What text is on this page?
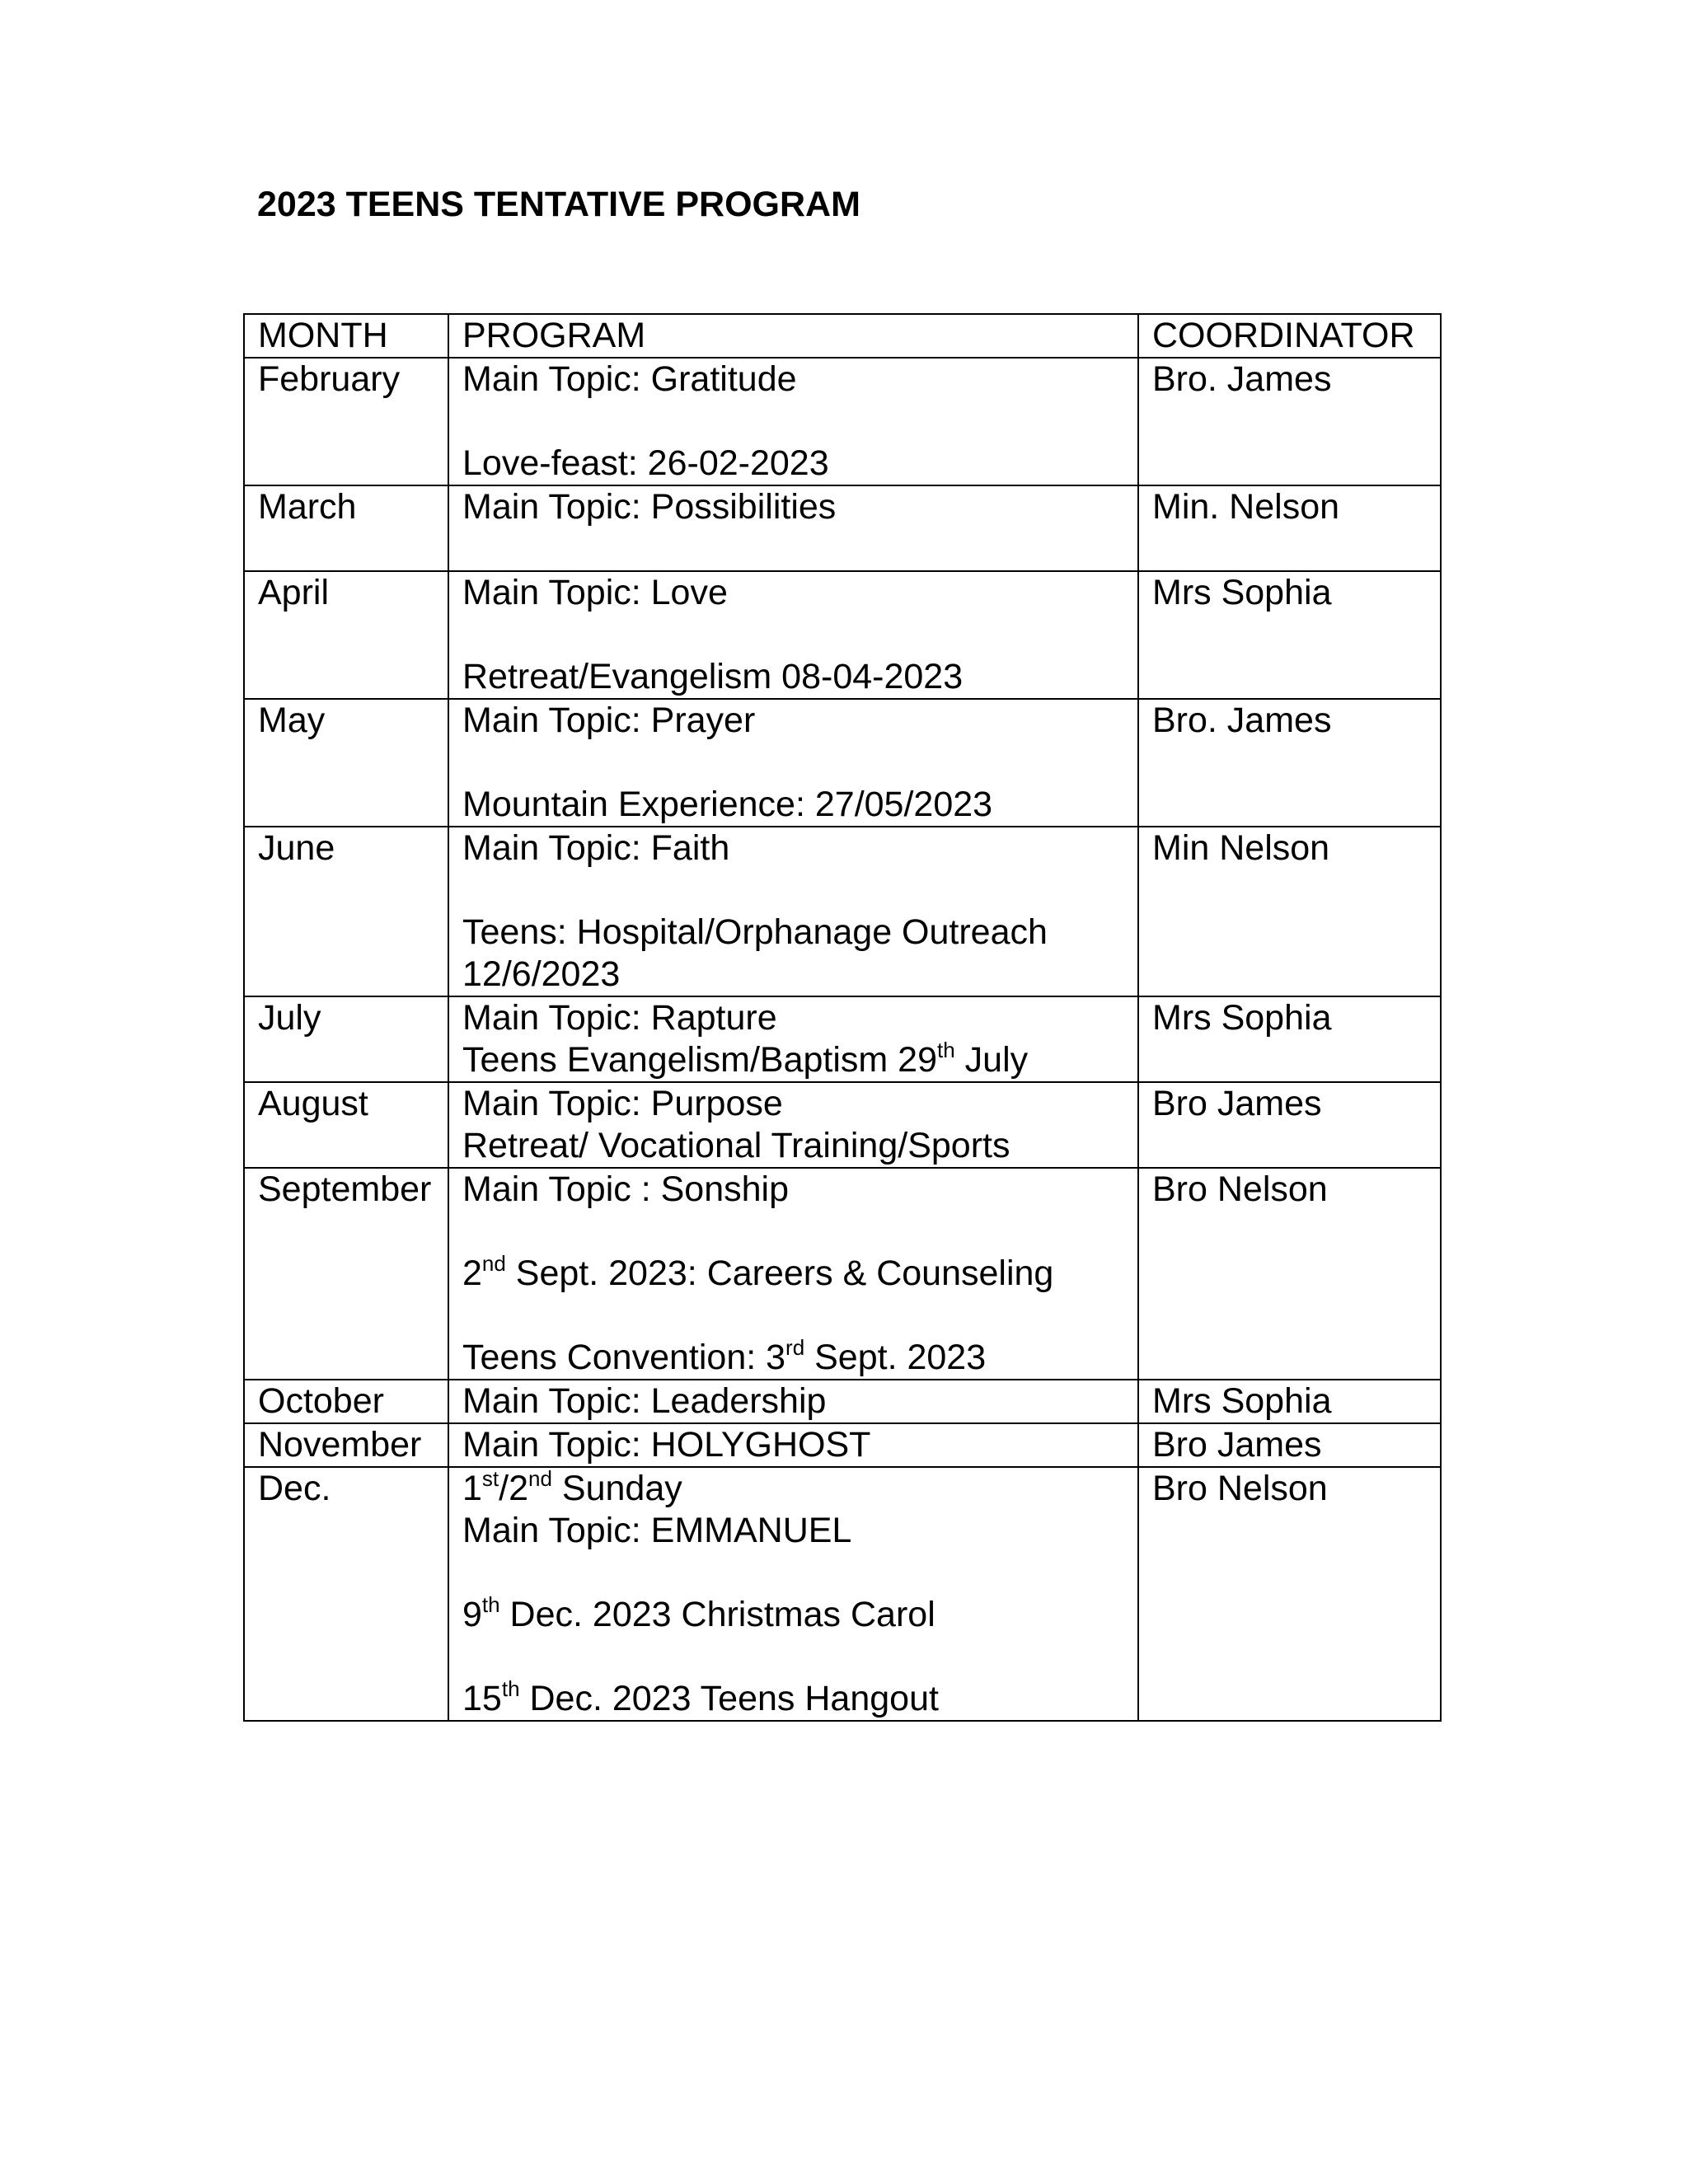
2023 TEENS TENTATIVE PROGRAM
MONTH	PROGRAM	COORDINATOR

February	Main Topic: Gratitude
Love-feast: 26-02-2023	Bro. James

March	Main Topic: Possibilities	Min. Nelson

April	Main Topic: Love
Retreat/Evangelism 08-04-2023	Mrs Sophia

May	Main Topic: Prayer
Mountain Experience: 27/05/2023	Bro. James

June	Main Topic: Faith
Teens: Hospital/Orphanage Outreach
12/6/2023	Min Nelson

July	Main Topic: Rapture
Teens Evangelism/Baptism 29th July	Mrs Sophia

August	Main Topic: Purpose
Retreat/ Vocational Training/Sports	Bro James

September	Main Topic : Sonship
2nd Sept. 2023: Careers & Counseling
Teens Convention: 3rd Sept. 2023	Bro Nelson

October	Main Topic: Leadership	Mrs Sophia

November	Main Topic: HOLYGHOST	Bro James

Dec.	1st/2nd Sunday
Main Topic: EMMANUEL
9th Dec. 2023 Christmas Carol
15th Dec. 2023 Teens Hangout	Bro Nelson
